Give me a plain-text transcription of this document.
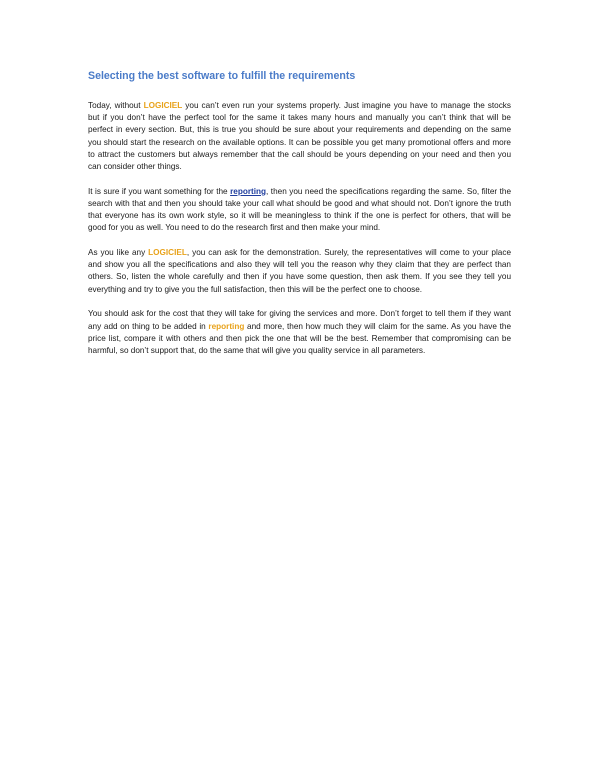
Selecting the best software to fulfill the requirements

Today, without LOGICIEL you can’t even run your systems properly. Just imagine you have to manage the stocks but if you don’t have the perfect tool for the same it takes many hours and manually you can’t think that will be perfect in every section. But, this is true you should be sure about your requirements and depending on the same you should start the research on the available options. It can be possible you get many promotional offers and more to attract the customers but always remember that the call should be yours depending on your need and then you can consider other things.

It is sure if you want something for the reporting, then you need the specifications regarding the same. So, filter the search with that and then you should take your call what should be good and what should not. Don’t ignore the truth that everyone has its own work style, so it will be meaningless to think if the one is perfect for others, that will be good for you as well. You need to do the research first and then make your mind.

As you like any LOGICIEL, you can ask for the demonstration. Surely, the representatives will come to your place and show you all the specifications and also they will tell you the reason why they claim that they are perfect than others. So, listen the whole carefully and then if you have some question, then ask them. If you see they tell you everything and try to give you the full satisfaction, then this will be the perfect one to choose.

You should ask for the cost that they will take for giving the services and more. Don’t forget to tell them if they want any add on thing to be added in reporting and more, then how much they will claim for the same. As you have the price list, compare it with others and then pick the one that will be the best. Remember that compromising can be harmful, so don’t support that, do the same that will give you quality service in all parameters.
